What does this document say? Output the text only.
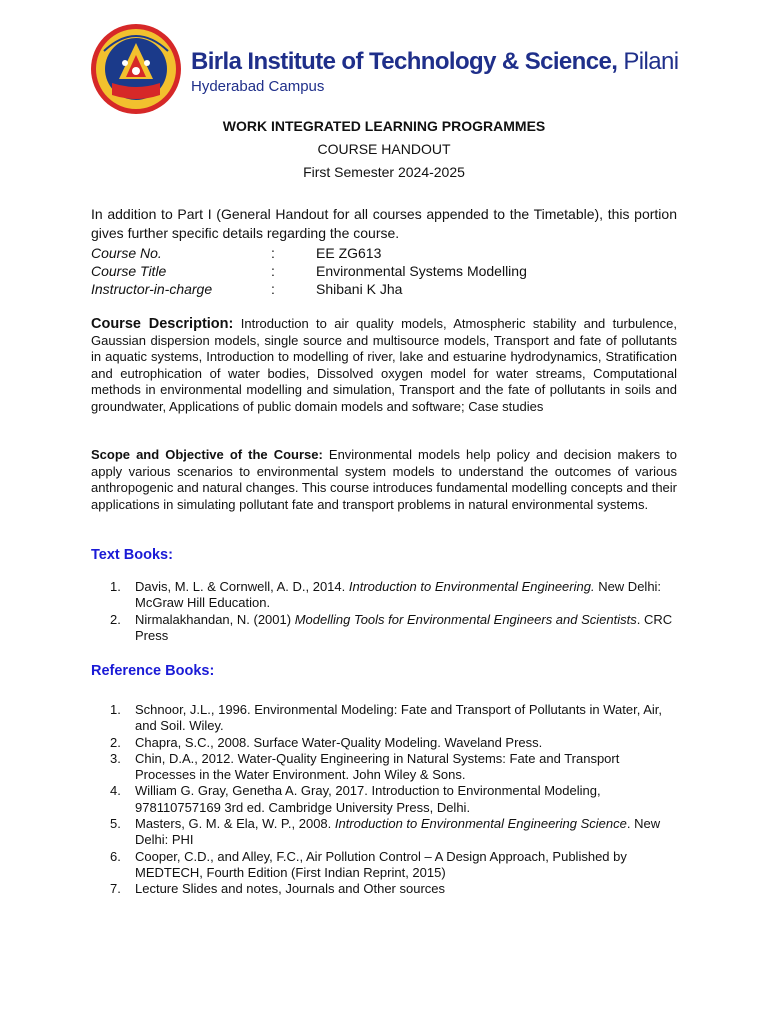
Birla Institute of Technology & Science, Pilani
Hyderabad Campus
WORK INTEGRATED LEARNING PROGRAMMES
COURSE HANDOUT
First Semester 2024-2025
In addition to Part I (General Handout for all courses appended to the Timetable), this portion gives further specific details regarding the course.
Course No.	:	EE ZG613
Course Title	:	Environmental Systems Modelling
Instructor-in-charge	:	Shibani K Jha
Course Description: Introduction to air quality models, Atmospheric stability and turbulence, Gaussian dispersion models, single source and multisource models, Transport and fate of pollutants in aquatic systems, Introduction to modelling of river, lake and estuarine hydrodynamics, Stratification and eutrophication of water bodies, Dissolved oxygen model for water streams, Computational methods in environmental modelling and simulation, Transport and the fate of pollutants in soils and groundwater, Applications of public domain models and software; Case studies
Scope and Objective of the Course: Environmental models help policy and decision makers to apply various scenarios to environmental system models to understand the outcomes of various anthropogenic and natural changes. This course introduces fundamental modelling concepts and their applications in simulating pollutant fate and transport problems in natural environmental systems.
Text Books:
1. Davis, M. L. & Cornwell, A. D., 2014. Introduction to Environmental Engineering. New Delhi: McGraw Hill Education.
2. Nirmalakhandan, N. (2001) Modelling Tools for Environmental Engineers and Scientists. CRC Press
Reference Books:
1. Schnoor, J.L., 1996. Environmental Modeling: Fate and Transport of Pollutants in Water, Air, and Soil. Wiley.
2. Chapra, S.C., 2008. Surface Water-Quality Modeling. Waveland Press.
3. Chin, D.A., 2012. Water-Quality Engineering in Natural Systems: Fate and Transport Processes in the Water Environment. John Wiley & Sons.
4. William G. Gray, Genetha A. Gray, 2017. Introduction to Environmental Modeling, 978110757169 3rd ed. Cambridge University Press, Delhi.
5. Masters, G. M. & Ela, W. P., 2008. Introduction to Environmental Engineering Science. New Delhi: PHI
6. Cooper, C.D., and Alley, F.C., Air Pollution Control – A Design Approach, Published by MEDTECH, Fourth Edition (First Indian Reprint, 2015)
7. Lecture Slides and notes, Journals and Other sources
